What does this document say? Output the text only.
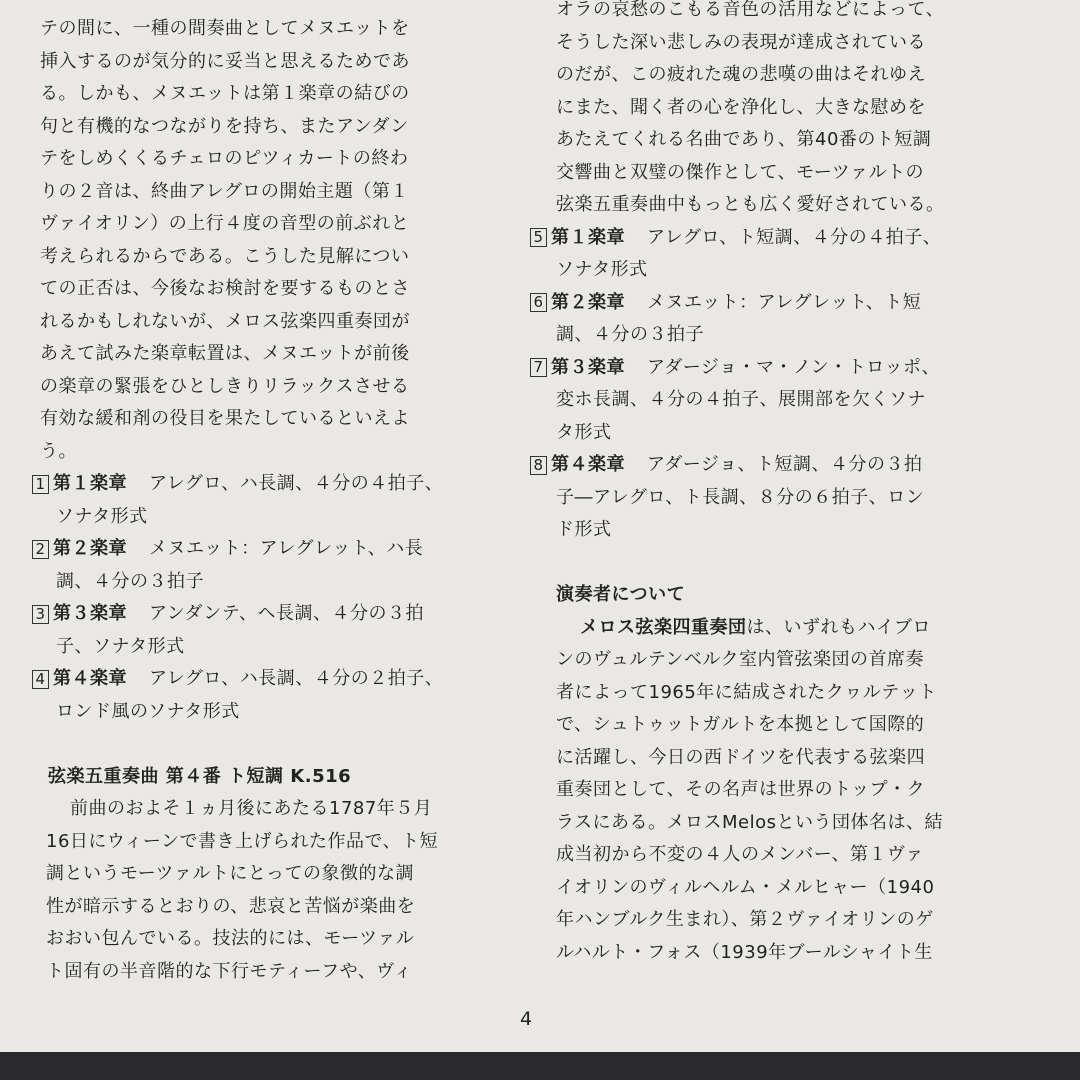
テの間に、一種の間奏曲としてメヌエットを
挿入するのが気分的に妥当と思えるためであ
る。しかも、メヌエットは第１楽章の結びの
句と有機的なつながりを持ち、またアンダン
テをしめくくるチェロのピツィカートの終わ
りの２音は、終曲アレグロの開始主題（第１
ヴァイオリン）の上行４度の音型の前ぶれと
考えられるからである。こうした見解につい
ての正否は、今後なお検討を要するものとさ
れるかもしれないが、メロス弦楽四重奏団が
あえて試みた楽章転置は、メヌエットが前後
の楽章の緊張をひとしきりリラックスさせる
有効な緩和剤の役目を果たしているといえよ
う。
1 第１楽章 アレグロ、ハ長調、４分の４拍子、
ソナタ形式
2 第２楽章 メヌエット：アレグレット、ハ長
調、４分の３拍子
3 第３楽章 アンダンテ、ヘ長調、４分の３拍
子、ソナタ形式
4 第４楽章 アレグロ、ハ長調、４分の２拍子、
ロンド風のソナタ形式
弦楽五重奏曲 第４番 ト短調 K.516
前曲のおよそ１ヵ月後にあたる1787年５月
16日にウィーンで書き上げられた作品で、ト短
調というモーツァルトにとっての象徴的な調
性が暗示するとおりの、悲哀と苦悩が楽曲を
おおい包んでいる。技法的には、モーツァル
ト固有の半音階的な下行モティーフや、ヴィ
オラの哀愁のこもる音色の活用などによって、
そうした深い悲しみの表現が達成されている
のだが、この疲れた魂の悲嘆の曲はそれゆえ
にまた、聞く者の心を浄化し、大きな慰めを
あたえてくれる名曲であり、第40番のト短調
交響曲と双璧の傑作として、モーツァルトの
弦楽五重奏曲中もっとも広く愛好されている。
5 第１楽章 アレグロ、ト短調、４分の４拍子、
ソナタ形式
6 第２楽章 メヌエット：アレグレット、ト短
調、４分の３拍子
7 第３楽章 アダージョ・マ・ノン・トロッポ、
変ホ長調、４分の４拍子、展開部を欠くソナ
タ形式
8 第４楽章 アダージョ、ト短調、４分の３拍
子―アレグロ、ト長調、８分の６拍子、ロン
ド形式
演奏者について
メロス弦楽四重奏団は、いずれもハイブロ
ンのヴュルテンベルク室内管弦楽団の首席奏
者によって1965年に結成されたクヮルテット
で、シュトゥットガルトを本拠として国際的
に活躍し、今日の西ドイツを代表する弦楽四
重奏団として、その名声は世界のトップ・ク
ラスにある。メロスMelosという団体名は、結
成当初から不変の４人のメンバー、第１ヴァ
イオリンのヴィルヘルム・メルヒャー（1940
年ハンブルク生まれ）、第２ヴァイオリンのゲ
ルハルト・フォス（1939年ブールシャイト生
4
